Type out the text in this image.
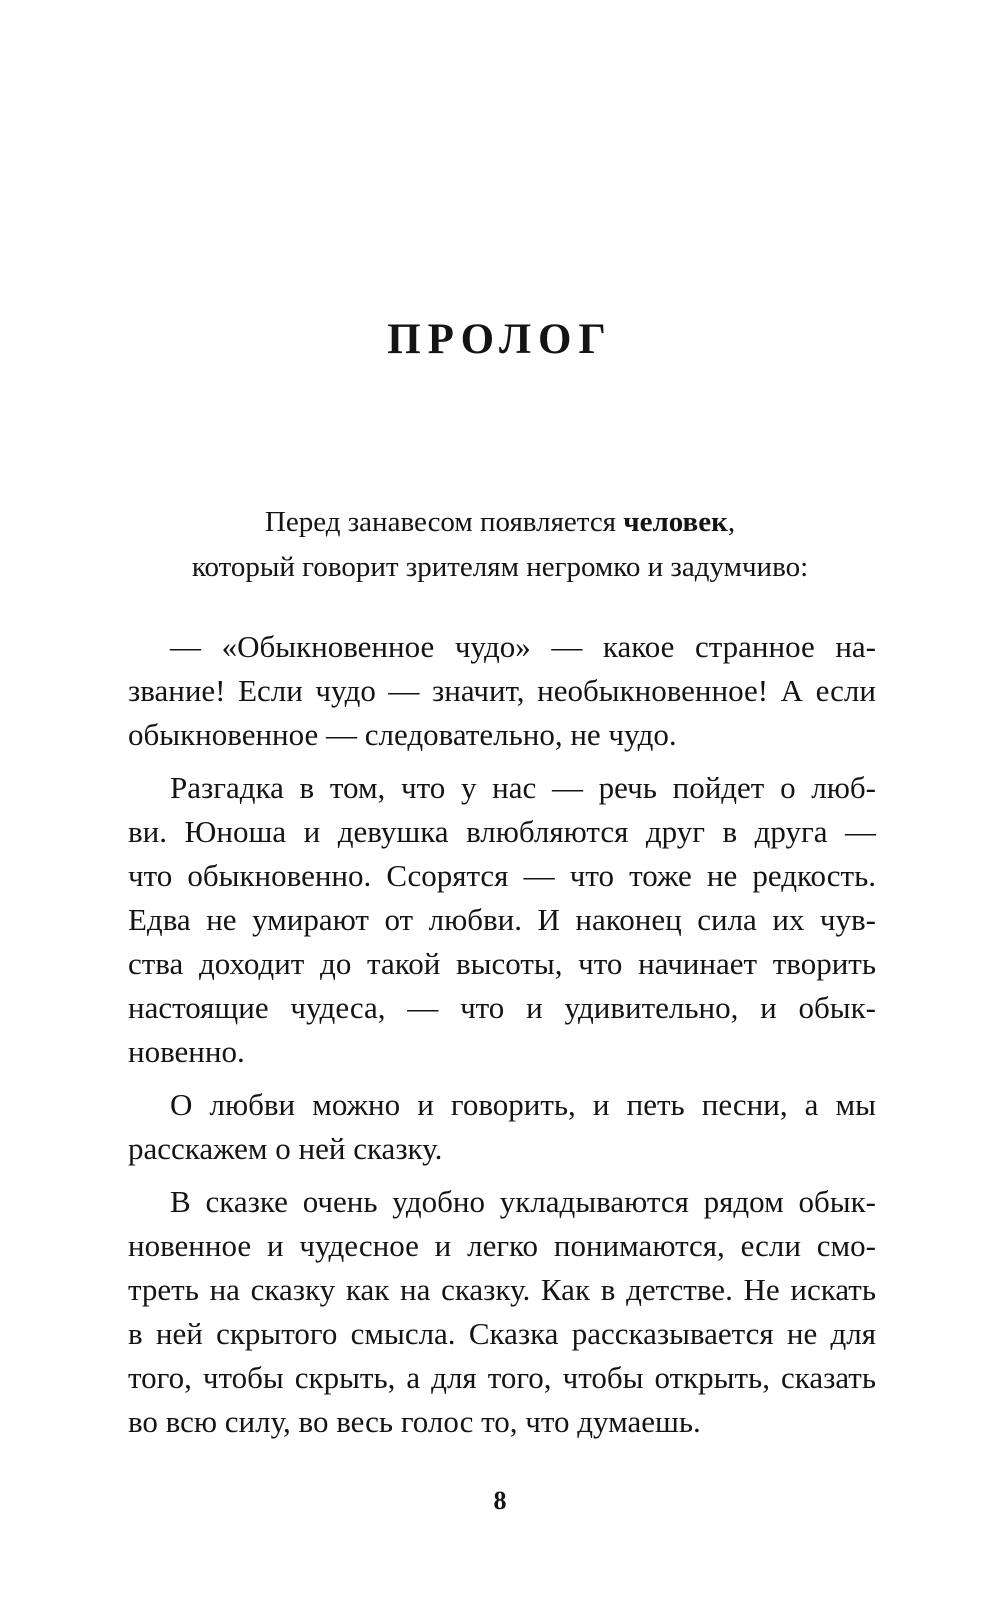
ПРОЛОГ
Перед занавесом появляется человек,
который говорит зрителям негромко и задумчиво:
— «Обыкновенное чудо» — какое странное на-
звание! Если чудо — значит, необыкновенное! А если
обыкновенное — следовательно, не чудо.
Разгадка в том, что у нас — речь пойдет о люб-
ви. Юноша и девушка влюбляются друг в друга —
что обыкновенно. Ссорятся — что тоже не редкость.
Едва не умирают от любви. И наконец сила их чув-
ства доходит до такой высоты, что начинает творить
настоящие чудеса, — что и удивительно, и обык-
новенно.
О любви можно и говорить, и петь песни, а мы
расскажем о ней сказку.
В сказке очень удобно укладываются рядом обык-
новенное и чудесное и легко понимаются, если смо-
треть на сказку как на сказку. Как в детстве. Не искать
в ней скрытого смысла. Сказка рассказывается не для
того, чтобы скрыть, а для того, чтобы открыть, сказать
во всю силу, во весь голос то, что думаешь.
8
